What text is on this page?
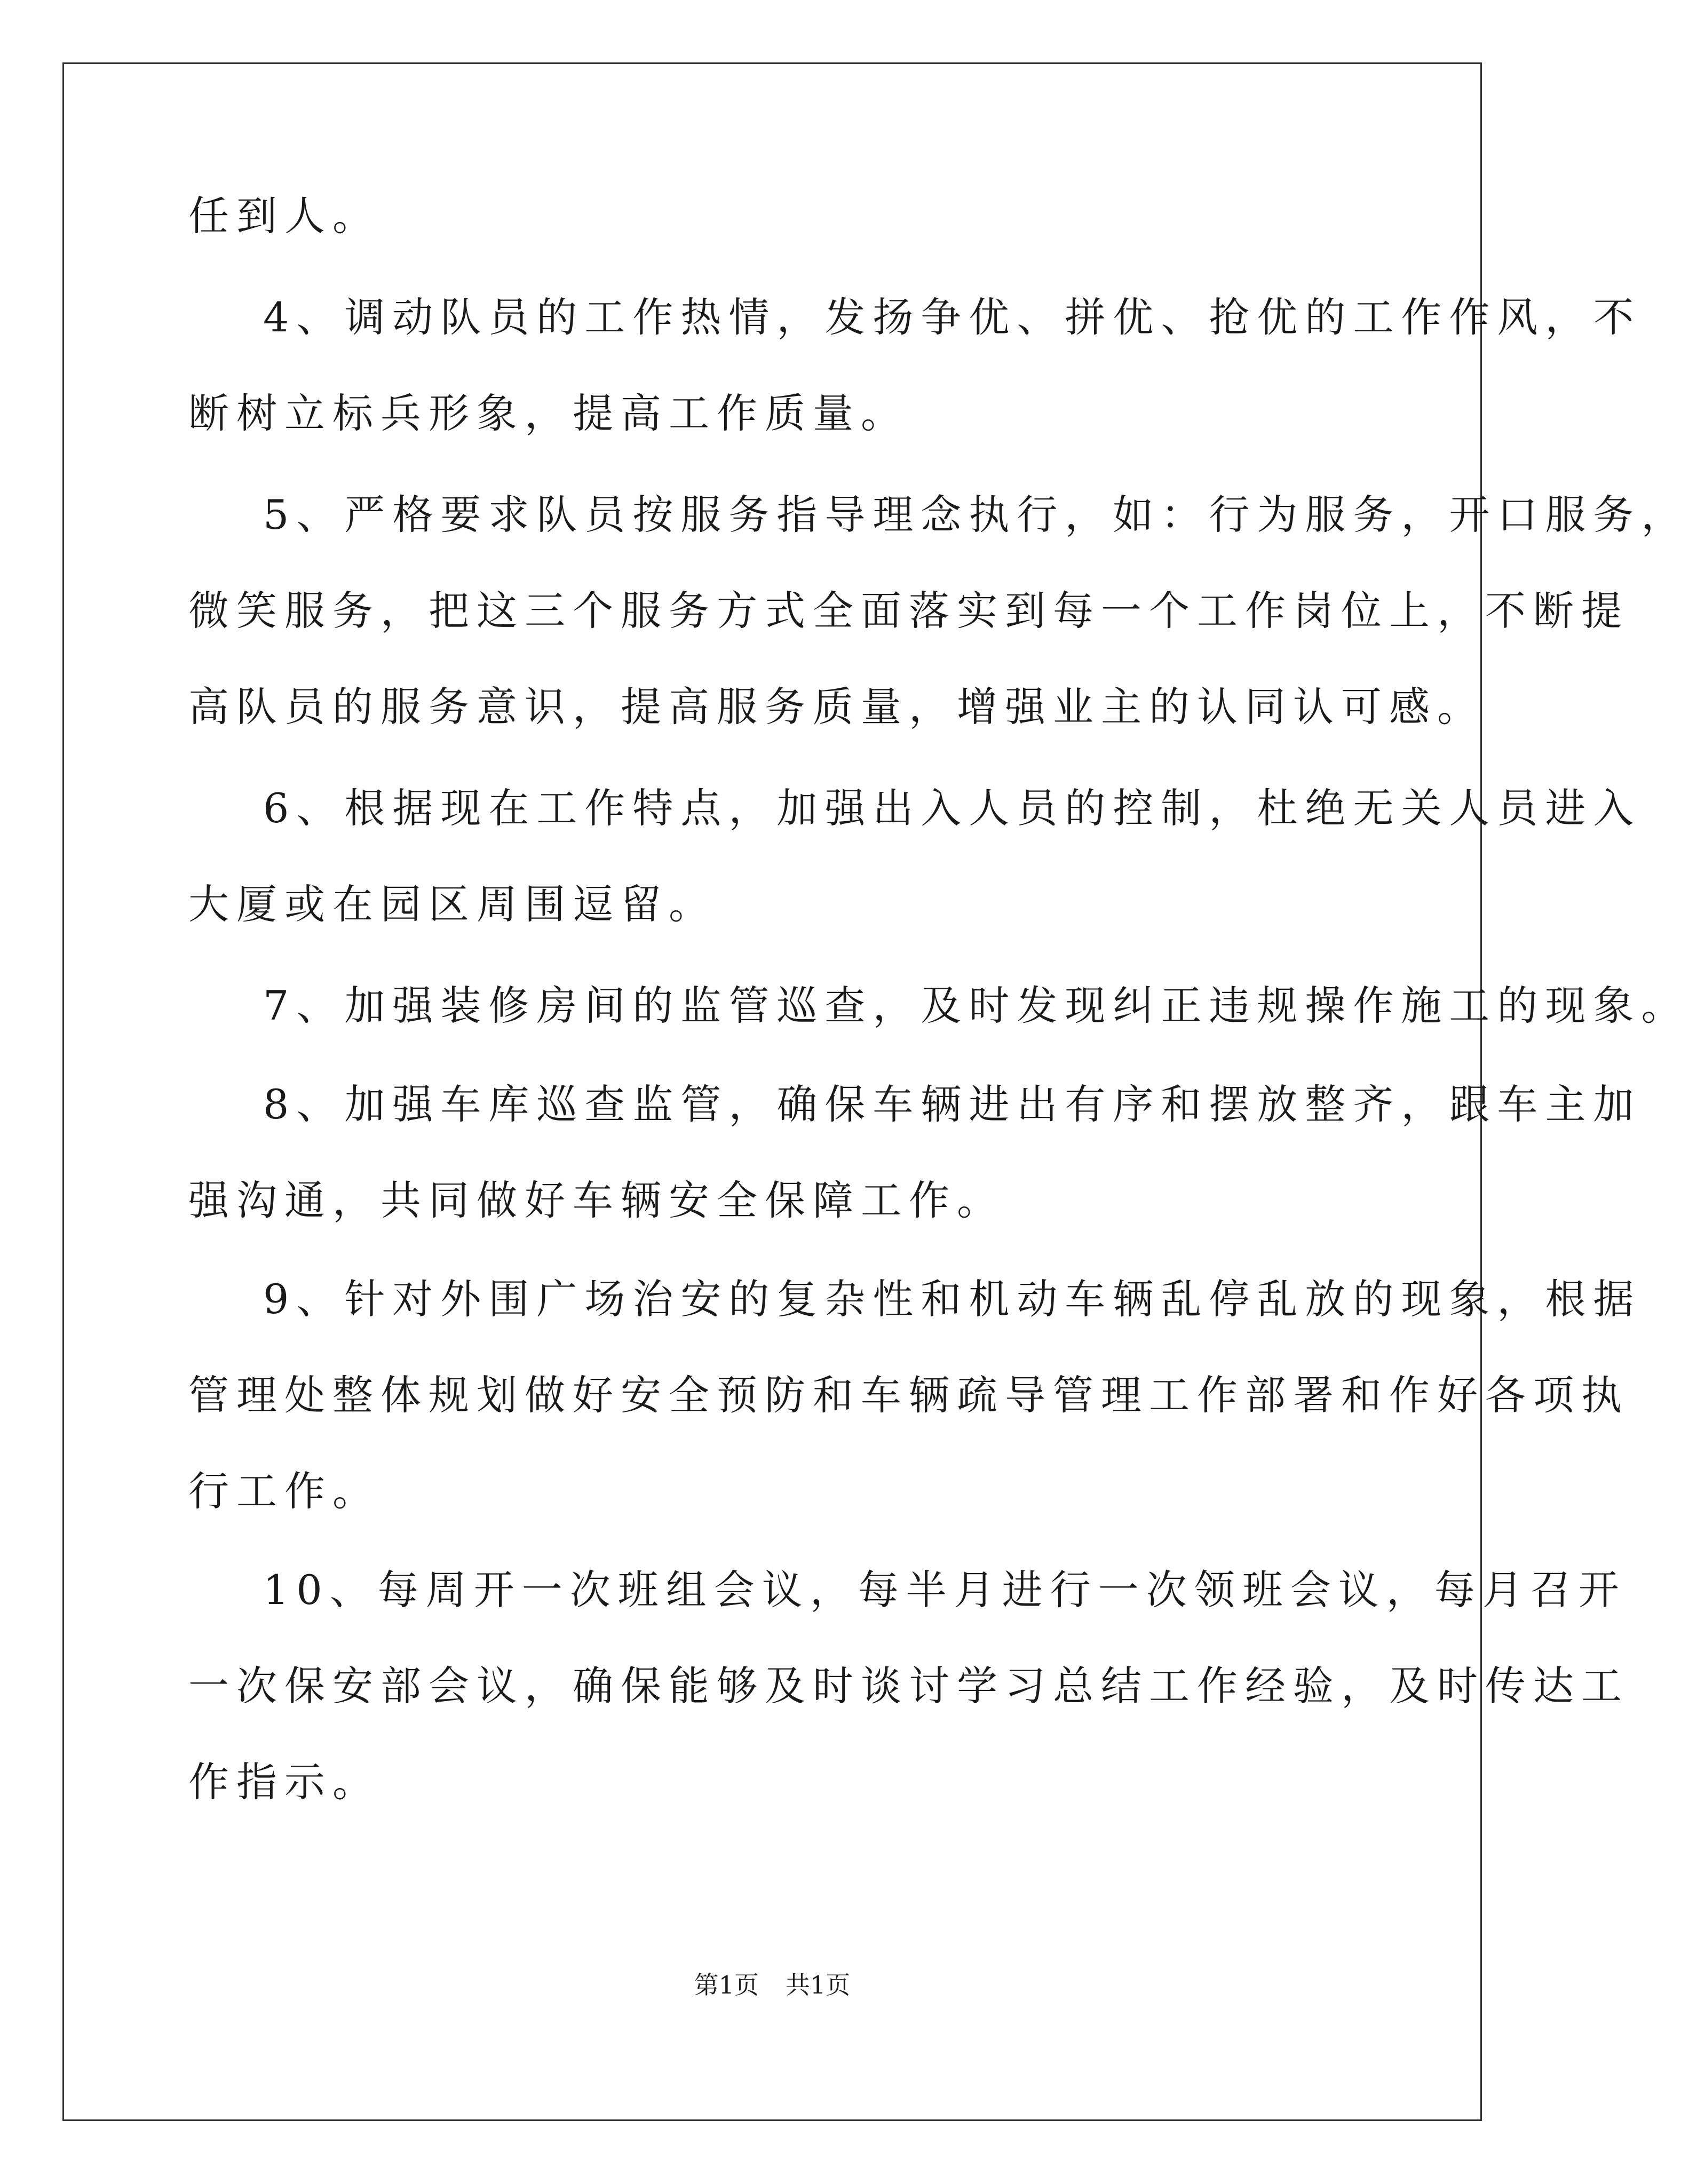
任到人。
4、调动队员的工作热情，发扬争优、拼优、抢优的工作作风，不
断树立标兵形象，提高工作质量。
5、严格要求队员按服务指导理念执行，如：行为服务，开口服务，
微笑服务，把这三个服务方式全面落实到每一个工作岗位上，不断提
高队员的服务意识，提高服务质量，增强业主的认同认可感。
6、根据现在工作特点，加强出入人员的控制，杜绝无关人员进入
大厦或在园区周围逗留。
7、加强装修房间的监管巡查，及时发现纠正违规操作施工的现象。
8、加强车库巡查监管，确保车辆进出有序和摆放整齐，跟车主加
强沟通，共同做好车辆安全保障工作。
9、针对外围广场治安的复杂性和机动车辆乱停乱放的现象，根据
管理处整体规划做好安全预防和车辆疏导管理工作部署和作好各项执
行工作。
10、每周开一次班组会议，每半月进行一次领班会议，每月召开
一次保安部会议，确保能够及时谈讨学习总结工作经验，及时传达工
作指示。
第1页 共1页
